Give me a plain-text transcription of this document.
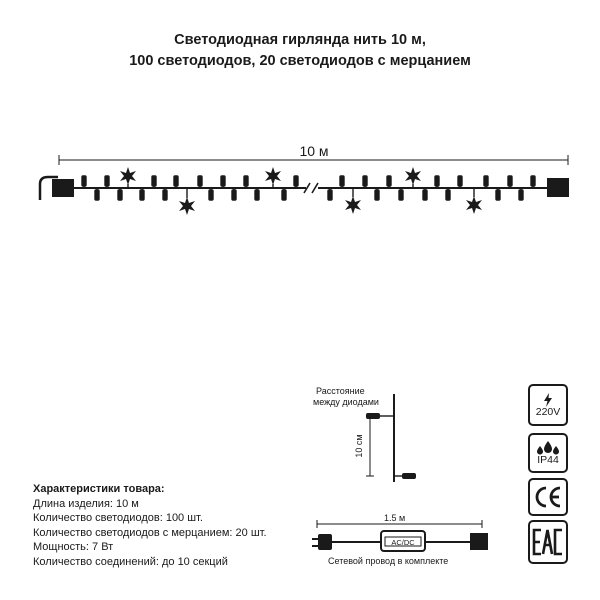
Светодиодная гирлянда нить 10 м,
100 светодиодов, 20 светодиодов с мерцанием
10 м
10 см
AC/DC
Расстояние
между диодами
1.5 м
Сетевой провод в комплекте
Характеристики товара:
Длина изделия: 10 м
Количество светодиодов: 100 шт.
Количество светодиодов с мерцанием: 20 шт.
Мощность: 7 Вт
Количество соединений: до 10 секций
220V
IP44
